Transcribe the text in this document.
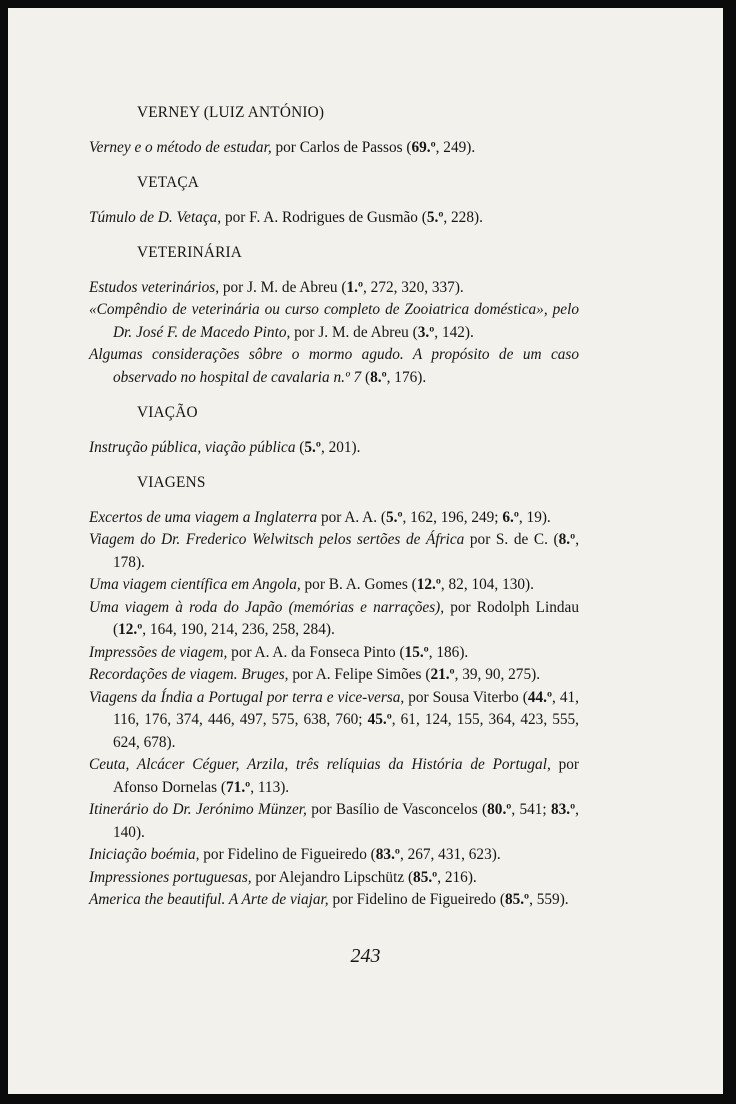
VERNEY (LUIZ ANTÓNIO)

Verney e o método de estudar, por Carlos de Passos (69.º, 249).

VETAÇA

Túmulo de D. Vetaça, por F. A. Rodrigues de Gusmão (5.º, 228).

VETERINÁRIA

Estudos veterinários, por J. M. de Abreu (1.º, 272, 320, 337).

«Compêndio de veterinária ou curso completo de Zooiatrica doméstica», pelo Dr. José F. de Macedo Pinto, por J. M. de Abreu (3.º, 142).

Algumas considerações sôbre o mormo agudo. A propósito de um caso observado no hospital de cavalaria n.º 7 (8.º, 176).

VIAÇÃO

Instrução pública, viação pública (5.º, 201).

VIAGENS

Excertos de uma viagem a Inglaterra por A. A. (5.º, 162, 196, 249; 6.º, 19).

Viagem do Dr. Frederico Welwitsch pelos sertões de África por S. de C. (8.º, 178).

Uma viagem científica em Angola, por B. A. Gomes (12.º, 82, 104, 130).

Uma viagem à roda do Japão (memórias e narrações), por Rodolph Lindau (12.º, 164, 190, 214, 236, 258, 284).

Impressões de viagem, por A. A. da Fonseca Pinto (15.º, 186).

Recordações de viagem. Bruges, por A. Felipe Simões (21.º, 39, 90, 275).

Viagens da Índia a Portugal por terra e vice-versa, por Sousa Viterbo (44.º, 41, 116, 176, 374, 446, 497, 575, 638, 760; 45.º, 61, 124, 155, 364, 423, 555, 624, 678).

Ceuta, Alcácer Céguer, Arzila, três relíquias da História de Portugal, por Afonso Dornelas (71.º, 113).

Itinerário do Dr. Jerónimo Münzer, por Basílio de Vasconcelos (80.º, 541; 83.º, 140).

Iniciação boémia, por Fidelino de Figueiredo (83.º, 267, 431, 623).

Impressiones portuguesas, por Alejandro Lipschütz (85.º, 216).

America the beautiful. A Arte de viajar, por Fidelino de Figueiredo (85.º, 559).

243
